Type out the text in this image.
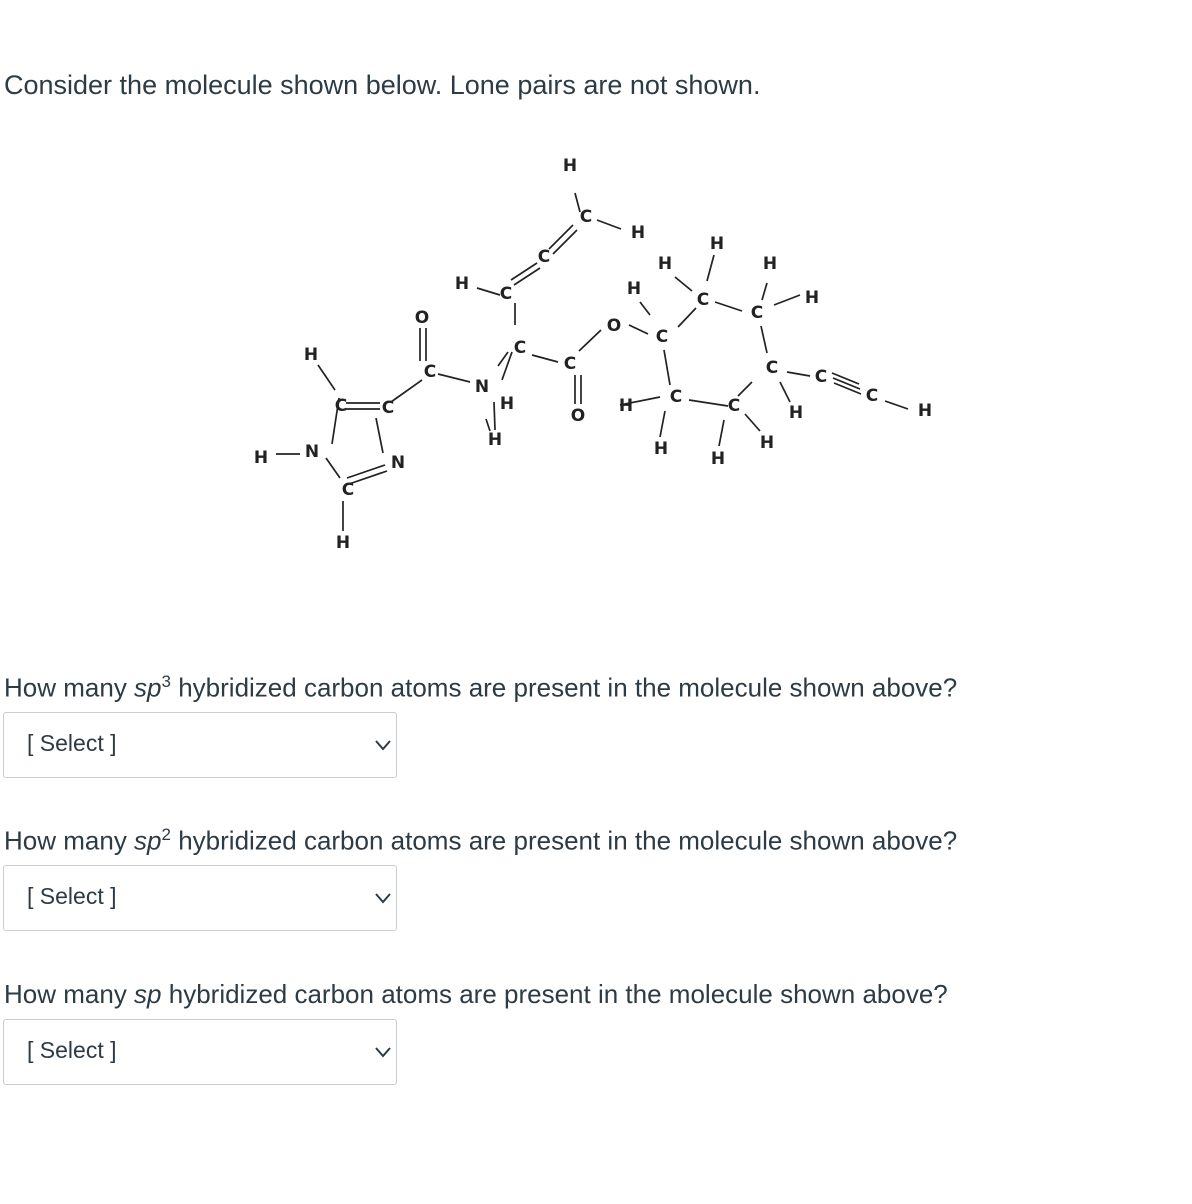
Consider the molecule shown below. Lone pairs are not shown.
H
C C
H N
N
C
H
O
C
N
H
H
C
C
H
C
C
H
H
C
O
O
C
H
C
H
H
C
H
H
C
H
C
H
H
C
H
H
C
C
H
How many $sp^3$ hybridized carbon atoms are present in the molecule shown above?
[ Select ]
How many $sp^2$ hybridized carbon atoms are present in the molecule shown above?
[ Select ]
How many sp hybridized carbon atoms are present in the molecule shown above?
[ Select ]
